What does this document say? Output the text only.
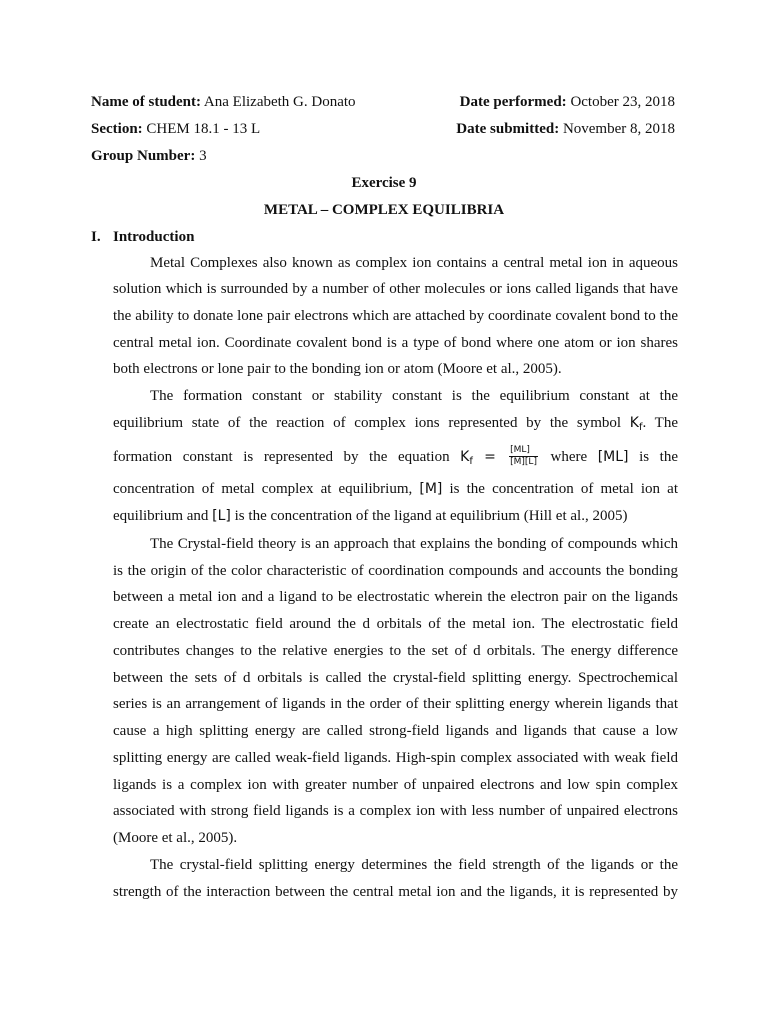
Name of student: Ana Elizabeth G. Donato	Date performed: October 23, 2018
Section: CHEM 18.1 - 13 L	Date submitted: November 8, 2018
Group Number: 3
Exercise 9
METAL – COMPLEX EQUILIBRIA
I. Introduction
Metal Complexes also known as complex ion contains a central metal ion in aqueous
solution which is surrounded by a number of other molecules or ions called ligands that have
the ability to donate lone pair electrons which are attached by coordinate covalent bond to the
central metal ion. Coordinate covalent bond is a type of bond where one atom or ion shares
both electrons or lone pair to the bonding ion or atom (Moore et al., 2005).
The formation constant or stability constant is the equilibrium constant at the
equilibrium state of the reaction of complex ions represented by the symbol $K_f$. The
formation constant is represented by the equation $K_f = \frac{[ML]}{[M][L]}$ where [ML] is the
concentration of metal complex at equilibrium, [M] is the concentration of metal ion at
equilibrium and [L] is the concentration of the ligand at equilibrium (Hill et al., 2005)
The Crystal-field theory is an approach that explains the bonding of compounds which
is the origin of the color characteristic of coordination compounds and accounts the bonding
between a metal ion and a ligand to be electrostatic wherein the electron pair on the ligands
create an electrostatic field around the d orbitals of the metal ion. The electrostatic field
contributes changes to the relative energies to the set of d orbitals. The energy difference
between the sets of d orbitals is called the crystal-field splitting energy. Spectrochemical
series is an arrangement of ligands in the order of their splitting energy wherein ligands that
cause a high splitting energy are called strong-field ligands and ligands that cause a low
splitting energy are called weak-field ligands. High-spin complex associated with weak field
ligands is a complex ion with greater number of unpaired electrons and low spin complex
associated with strong field ligands is a complex ion with less number of unpaired electrons
(Moore et al., 2005).
The crystal-field splitting energy determines the field strength of the ligands or the
strength of the interaction between the central metal ion and the ligands, it is represented by
